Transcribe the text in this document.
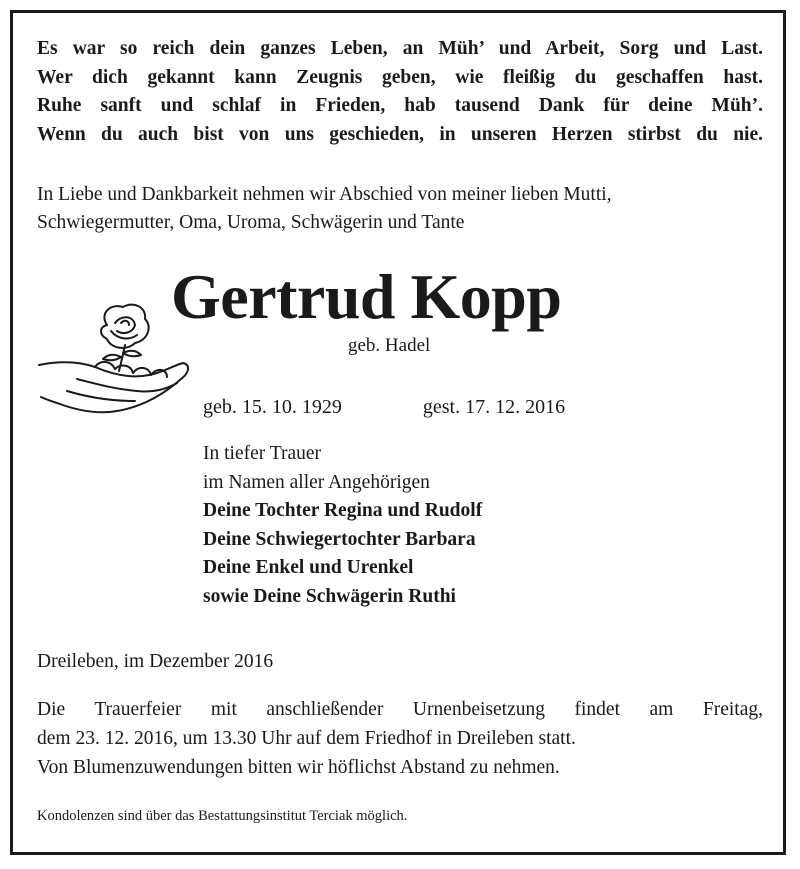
Es war so reich dein ganzes Leben, an Müh’ und Arbeit, Sorg und Last.
Wer dich gekannt kann Zeugnis geben, wie fleißig du geschaffen hast.
Ruhe sanft und schlaf in Frieden, hab tausend Dank für deine Müh’.
Wenn du auch bist von uns geschieden, in unseren Herzen stirbst du nie.
In Liebe und Dankbarkeit nehmen wir Abschied von meiner lieben Mutti,
Schwiegermutter, Oma, Uroma, Schwägerin und Tante
Gertrud Kopp
geb. Hadel
geb. 15. 10. 1929	gest. 17. 12. 2016
In tiefer Trauer
im Namen aller Angehörigen
Deine Tochter Regina und Rudolf
Deine Schwiegertochter Barbara
Deine Enkel und Urenkel
sowie Deine Schwägerin Ruthi
Dreileben, im Dezember 2016
Die Trauerfeier mit anschließender Urnenbeisetzung findet am Freitag,
dem 23. 12. 2016, um 13.30 Uhr auf dem Friedhof in Dreileben statt.
Von Blumenzuwendungen bitten wir höflichst Abstand zu nehmen.
Kondolenzen sind über das Bestattungsinstitut Terciak möglich.
